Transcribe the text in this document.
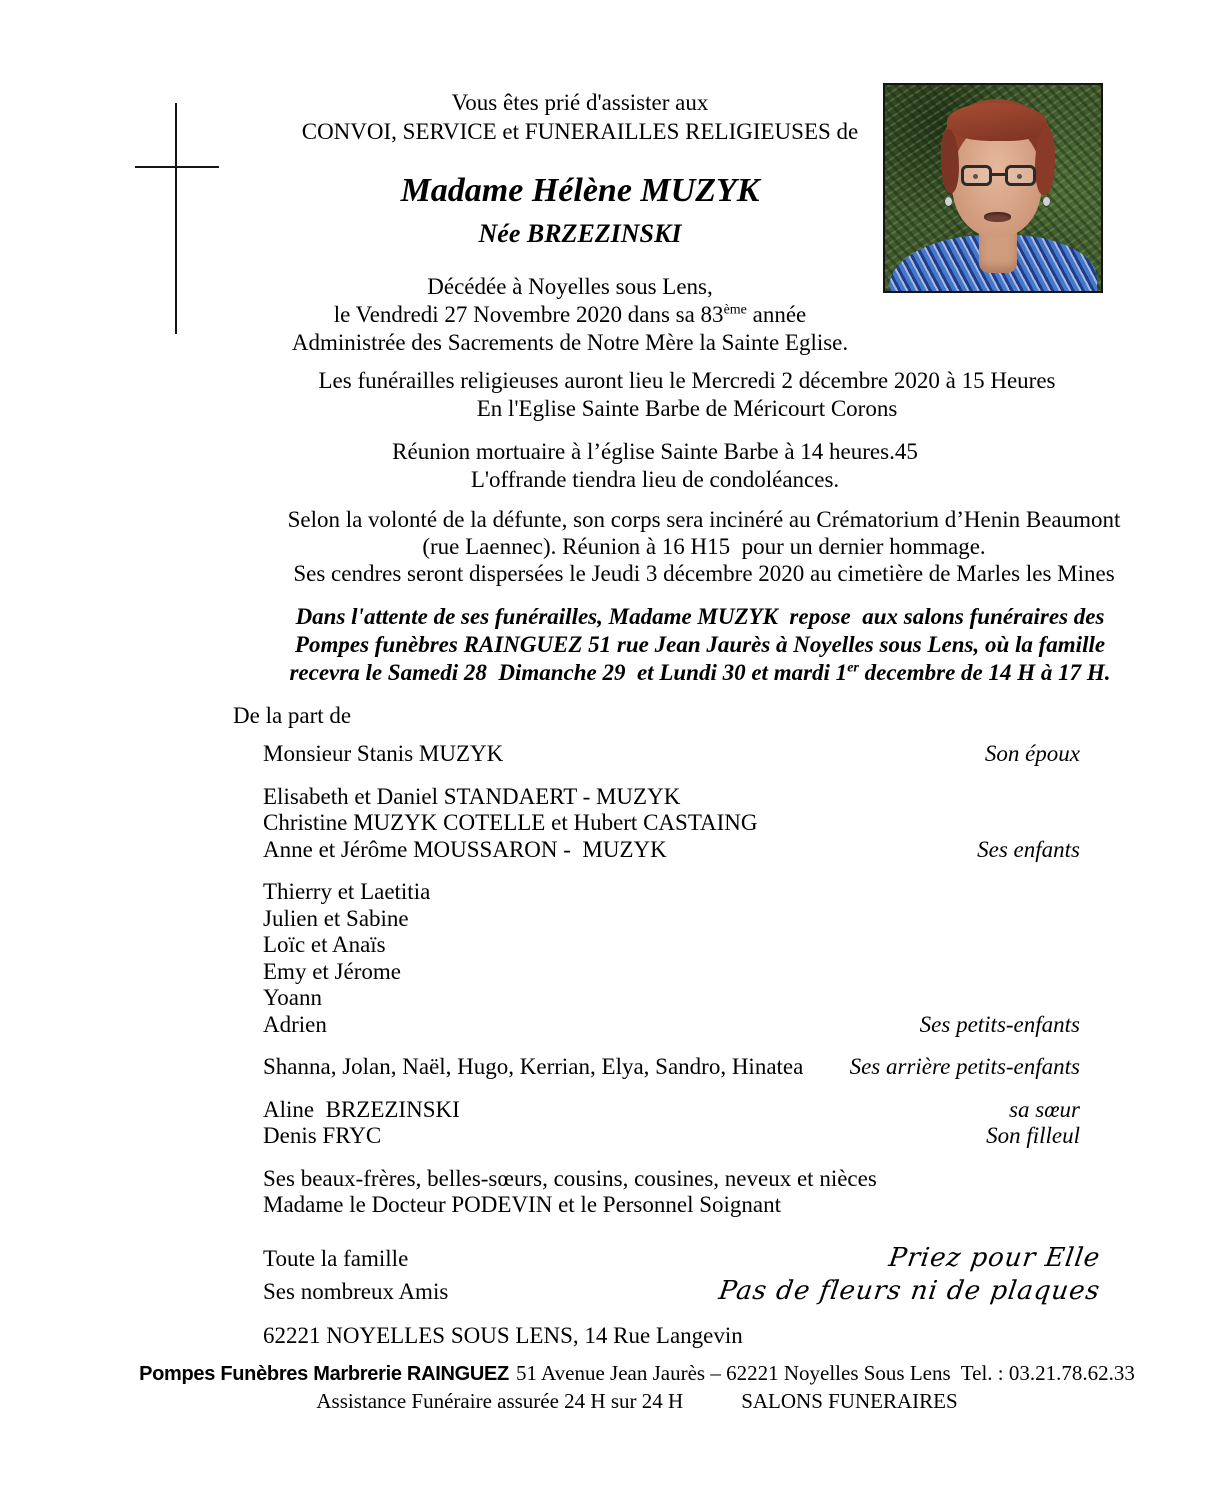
Vous êtes prié d'assister aux
CONVOI, SERVICE et FUNERAILLES RELIGIEUSES de
Madame Hélène MUZYK
Née BRZEZINSKI
Décédée à Noyelles sous Lens,
le Vendredi 27 Novembre 2020 dans sa 83ème année
Administrée des Sacrements de Notre Mère la Sainte Eglise.
Les funérailles religieuses auront lieu le Mercredi 2 décembre 2020 à 15 Heures
En l'Eglise Sainte Barbe de Méricourt Corons
Réunion mortuaire à l’église Sainte Barbe à 14 heures.45
L'offrande tiendra lieu de condoléances.
Selon la volonté de la défunte, son corps sera incinéré au Crématorium d’Henin Beaumont
(rue Laennec). Réunion à 16 H15  pour un dernier hommage.
Ses cendres seront dispersées le Jeudi 3 décembre 2020 au cimetière de Marles les Mines
Dans l'attente de ses funérailles, Madame MUZYK  repose  aux salons funéraires des
Pompes funèbres RAINGUEZ 51 rue Jean Jaurès à Noyelles sous Lens, où la famille
recevra le Samedi 28  Dimanche 29  et Lundi 30 et mardi 1er decembre de 14 H à 17 H.
De la part de
Monsieur Stanis MUZYK	Son époux
Elisabeth et Daniel STANDAERT - MUZYK
Christine MUZYK COTELLE et Hubert CASTAING
Anne et Jérôme MOUSSARON -  MUZYK	Ses enfants
Thierry et Laetitia
Julien et Sabine
Loïc et Anaïs
Emy et Jérome
Yoann
Adrien	Ses petits-enfants
Shanna, Jolan, Naël, Hugo, Kerrian, Elya, Sandro, Hinatea Ses arrière petits-enfants
Aline  BRZEZINSKI	sa sœur
Denis FRYC	Son filleul
Ses beaux-frères, belles-sœurs, cousins, cousines, neveux et nièces
Madame le Docteur PODEVIN et le Personnel Soignant
Toute la famille	Priez pour Elle
Ses nombreux Amis	Pas de fleurs ni de plaques
62221 NOYELLES SOUS LENS, 14 Rue Langevin
Pompes Funèbres Marbrerie RAINGUEZ 51 Avenue Jean Jaurès – 62221 Noyelles Sous Lens  Tel. : 03.21.78.62.33
Assistance Funéraire assurée 24 H sur 24 H	SALONS FUNERAIRES
